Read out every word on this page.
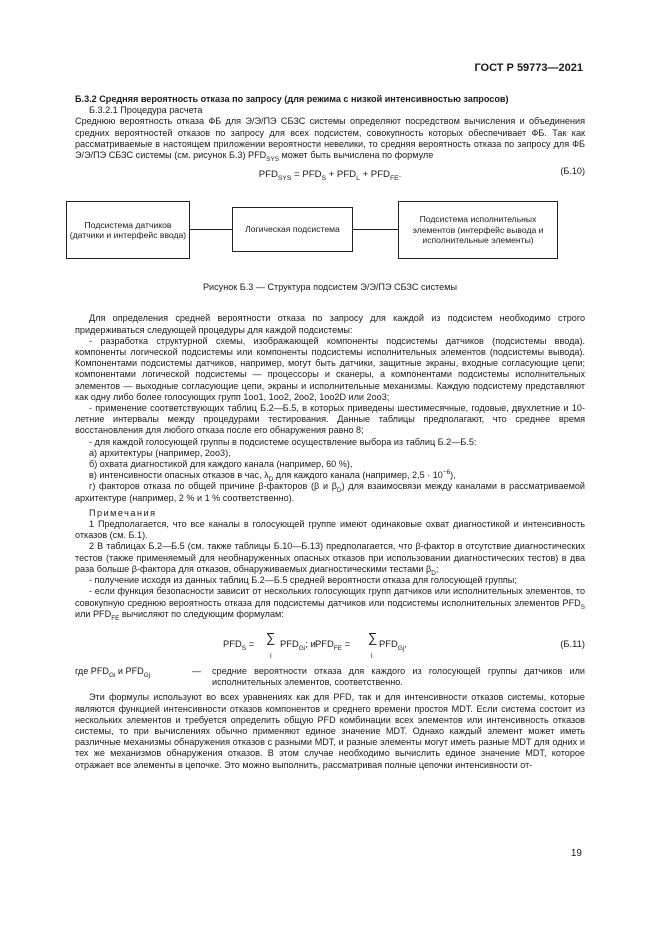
ГОСТ Р 59773—2021

Б.3.2 Средняя вероятность отказа по запросу (для режима с низкой интенсивностью запросов)

Б.3.2.1 Процедура расчета

Среднюю вероятность отказа ФБ для Э/Э/ПЭ СБЗС системы определяют посредством вычисления и объединения средних вероятностей отказов по запросу для всех подсистем, совокупность которых обеспечивает ФБ. Так как рассматриваемые в настоящем приложении вероятности невелики, то средняя вероятность отказа по запросу для ФБ Э/Э/ПЭ СБЗС системы (см. рисунок Б.3) $PFD_{SYS}$ может быть вычислена по формуле

$PFD_{SYS} = PFD_S + PFD_L + PFD_{FE}$.	(Б.10)
Подсистема датчиков (датчики и интерфейс ввода)
Логическая подсистема
Подсистема исполнительных элементов (интерфейс вывода и исполнительные элементы)

Рисунок Б.3 — Структура подсистем Э/Э/ПЭ СБЗС системы

Для определения средней вероятности отказа по запросу для каждой из подсистем необходимо строго придерживаться следующей процедуры для каждой подсистемы:

- разработка структурной схемы, изображающей компоненты подсистемы датчиков (подсистемы ввода). компоненты логической подсистемы или компоненты подсистемы исполнительных элементов (подсистемы вывода). Компонентами подсистемы датчиков, например, могут быть датчики, защитные экраны, входные согласующие цепи; компонентами логической подсистемы — процессоры и сканеры, а компонентами подсистемы исполнительных элементов — выходные согласующие цепи, экраны и исполнительные механизмы. Каждую подсистему представляют как одну либо более голосующих групп 1oo1, 1oo2, 2oo2, 1oo2D или 2oo3;

- применение соответствующих таблиц Б.2—Б.5, в которых приведены шестимесячные, годовые, двухлетние и 10-летние интервалы между процедурами тестирования. Данные таблицы предполагают, что среднее время восстановления для любого отказа после его обнаружения равно 8;

- для каждой голосующей группы в подсистеме осуществление выбора из таблиц Б.2—Б.5:

а) архитектуры (например, 2oo3),

б) охвата диагностикой для каждого канала (например, 60 %),

в) интенсивности опасных отказов в час, $\lambda_D$ для каждого канала (например, $2,5 \cdot 10^{-6}$),

г) факторов отказа по общей причине β-факторов (β и $\beta_D$) для взаимосвязи между каналами в рассматриваемой архитектуре (например, 2 % и 1 % соответственно).

Примечания

1 Предполагается, что все каналы в голосующей группе имеют одинаковые охват диагностикой и интенсивность отказов (см. Б.1).

2 В таблицах Б.2—Б.5 (см. также таблицы Б.10—Б.13) предполагается, что β-фактор в отсутствие диагностических тестов (также применяемый для необнаруженных опасных отказов при использовании диагностических тестов) в два раза больше β-фактора для отказов, обнаруживаемых диагностическими тестами $\beta_D$;

- получение исходя из данных таблиц Б.2—Б.5 средней вероятности отказа для голосующей группы;

- если функция безопасности зависит от нескольких голосующих групп датчиков или исполнительных элементов, то совокупную среднюю вероятность отказа для подсистемы датчиков или подсистемы исполнительных элементов $PFD_S$ или $PFD_{FE}$ вычисляют по следующим формулам:

$PFD_S$ = ∑
i
$PFD_{Gi}$; и $PFD_{FE}$ = ∑
i
$PFD_{Gj}$,	(Б.11)
где $PFD_{Gi}$ и $PFD_{Gj}$	—	средние вероятности отказа для каждого из голосующей группы датчиков или исполнительных элементов, соответственно.

Эти формулы используют во всех уравнениях как для PFD, так и для интенсивности отказов системы, которые являются функцией интенсивности отказов компонентов и среднего времени простоя MDT. Если система состоит из нескольких элементов и требуется определить общую PFD комбинации всех элементов или интенсивность отказов системы, то при вычислениях обычно применяют единое значение MDT. Однако каждый элемент может иметь различные механизмы обнаружения отказов с разными MDT, и разные элементы могут иметь разные MDT для одних и тех же механизмов обнаружения отказов. В этом случае необходимо вычислить единое значение MDT, которое отражает все элементы в цепочке. Это можно выполнить, рассматривая полные цепочки интенсивности от-

19
